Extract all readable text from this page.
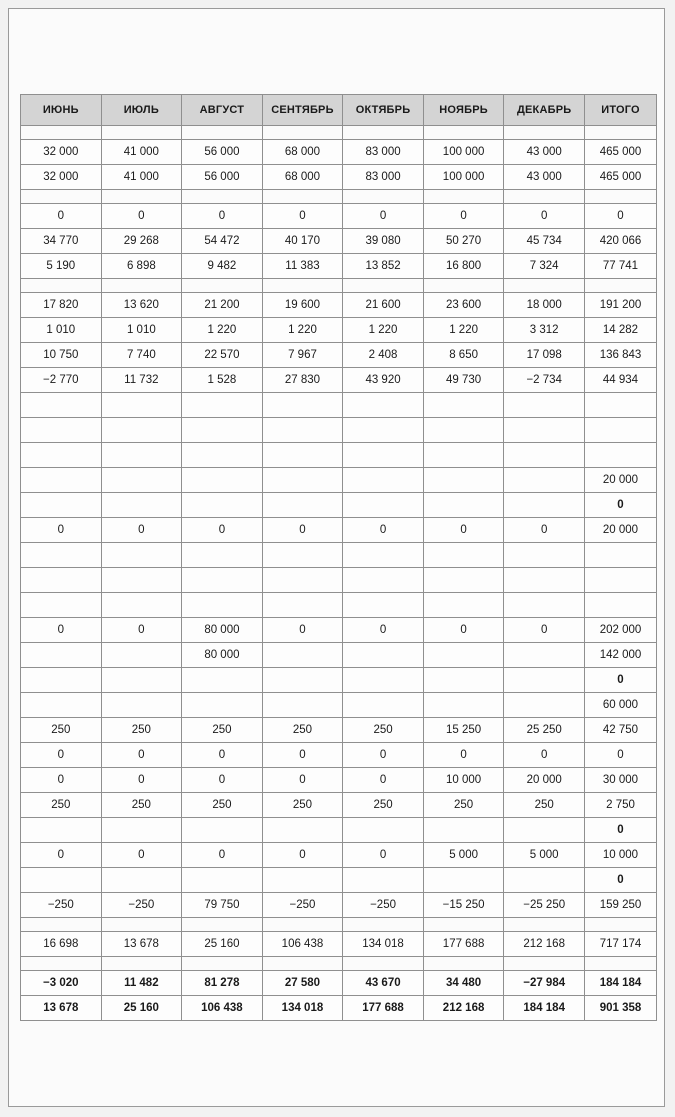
ИЮНЬ	ИЮЛЬ	АВГУСТ	СЕНТЯБРЬ	ОКТЯБРЬ	НОЯБРЬ	ДЕКАБРЬ	ИТОГО

32 000	41 000	56 000	68 000	83 000	100 000	43 000	465 000
32 000	41 000	56 000	68 000	83 000	100 000	43 000	465 000

0	0	0	0	0	0	0	0
34 770	29 268	54 472	40 170	39 080	50 270	45 734	420 066
5 190	6 898	9 482	11 383	13 852	16 800	7 324	77 741

17 820	13 620	21 200	19 600	21 600	23 600	18 000	191 200
1 010	1 010	1 220	1 220	1 220	1 220	3 312	14 282
10 750	7 740	22 570	7 967	2 408	8 650	17 098	136 843
−2 770	11 732	1 528	27 830	43 920	49 730	−2 734	44 934

							20 000
							0
0	0	0	0	0	0	0	20 000

0	0	80 000	0	0	0	0	202 000
		80 000					142 000
							0
							60 000
250	250	250	250	250	15 250	25 250	42 750
0	0	0	0	0	0	0	0
0	0	0	0	0	10 000	20 000	30 000
250	250	250	250	250	250	250	2 750
							0
0	0	0	0	0	5 000	5 000	10 000
							0
−250	−250	79 750	−250	−250	−15 250	−25 250	159 250

16 698	13 678	25 160	106 438	134 018	177 688	212 168	717 174

−3 020	11 482	81 278	27 580	43 670	34 480	−27 984	184 184
13 678	25 160	106 438	134 018	177 688	212 168	184 184	901 358
